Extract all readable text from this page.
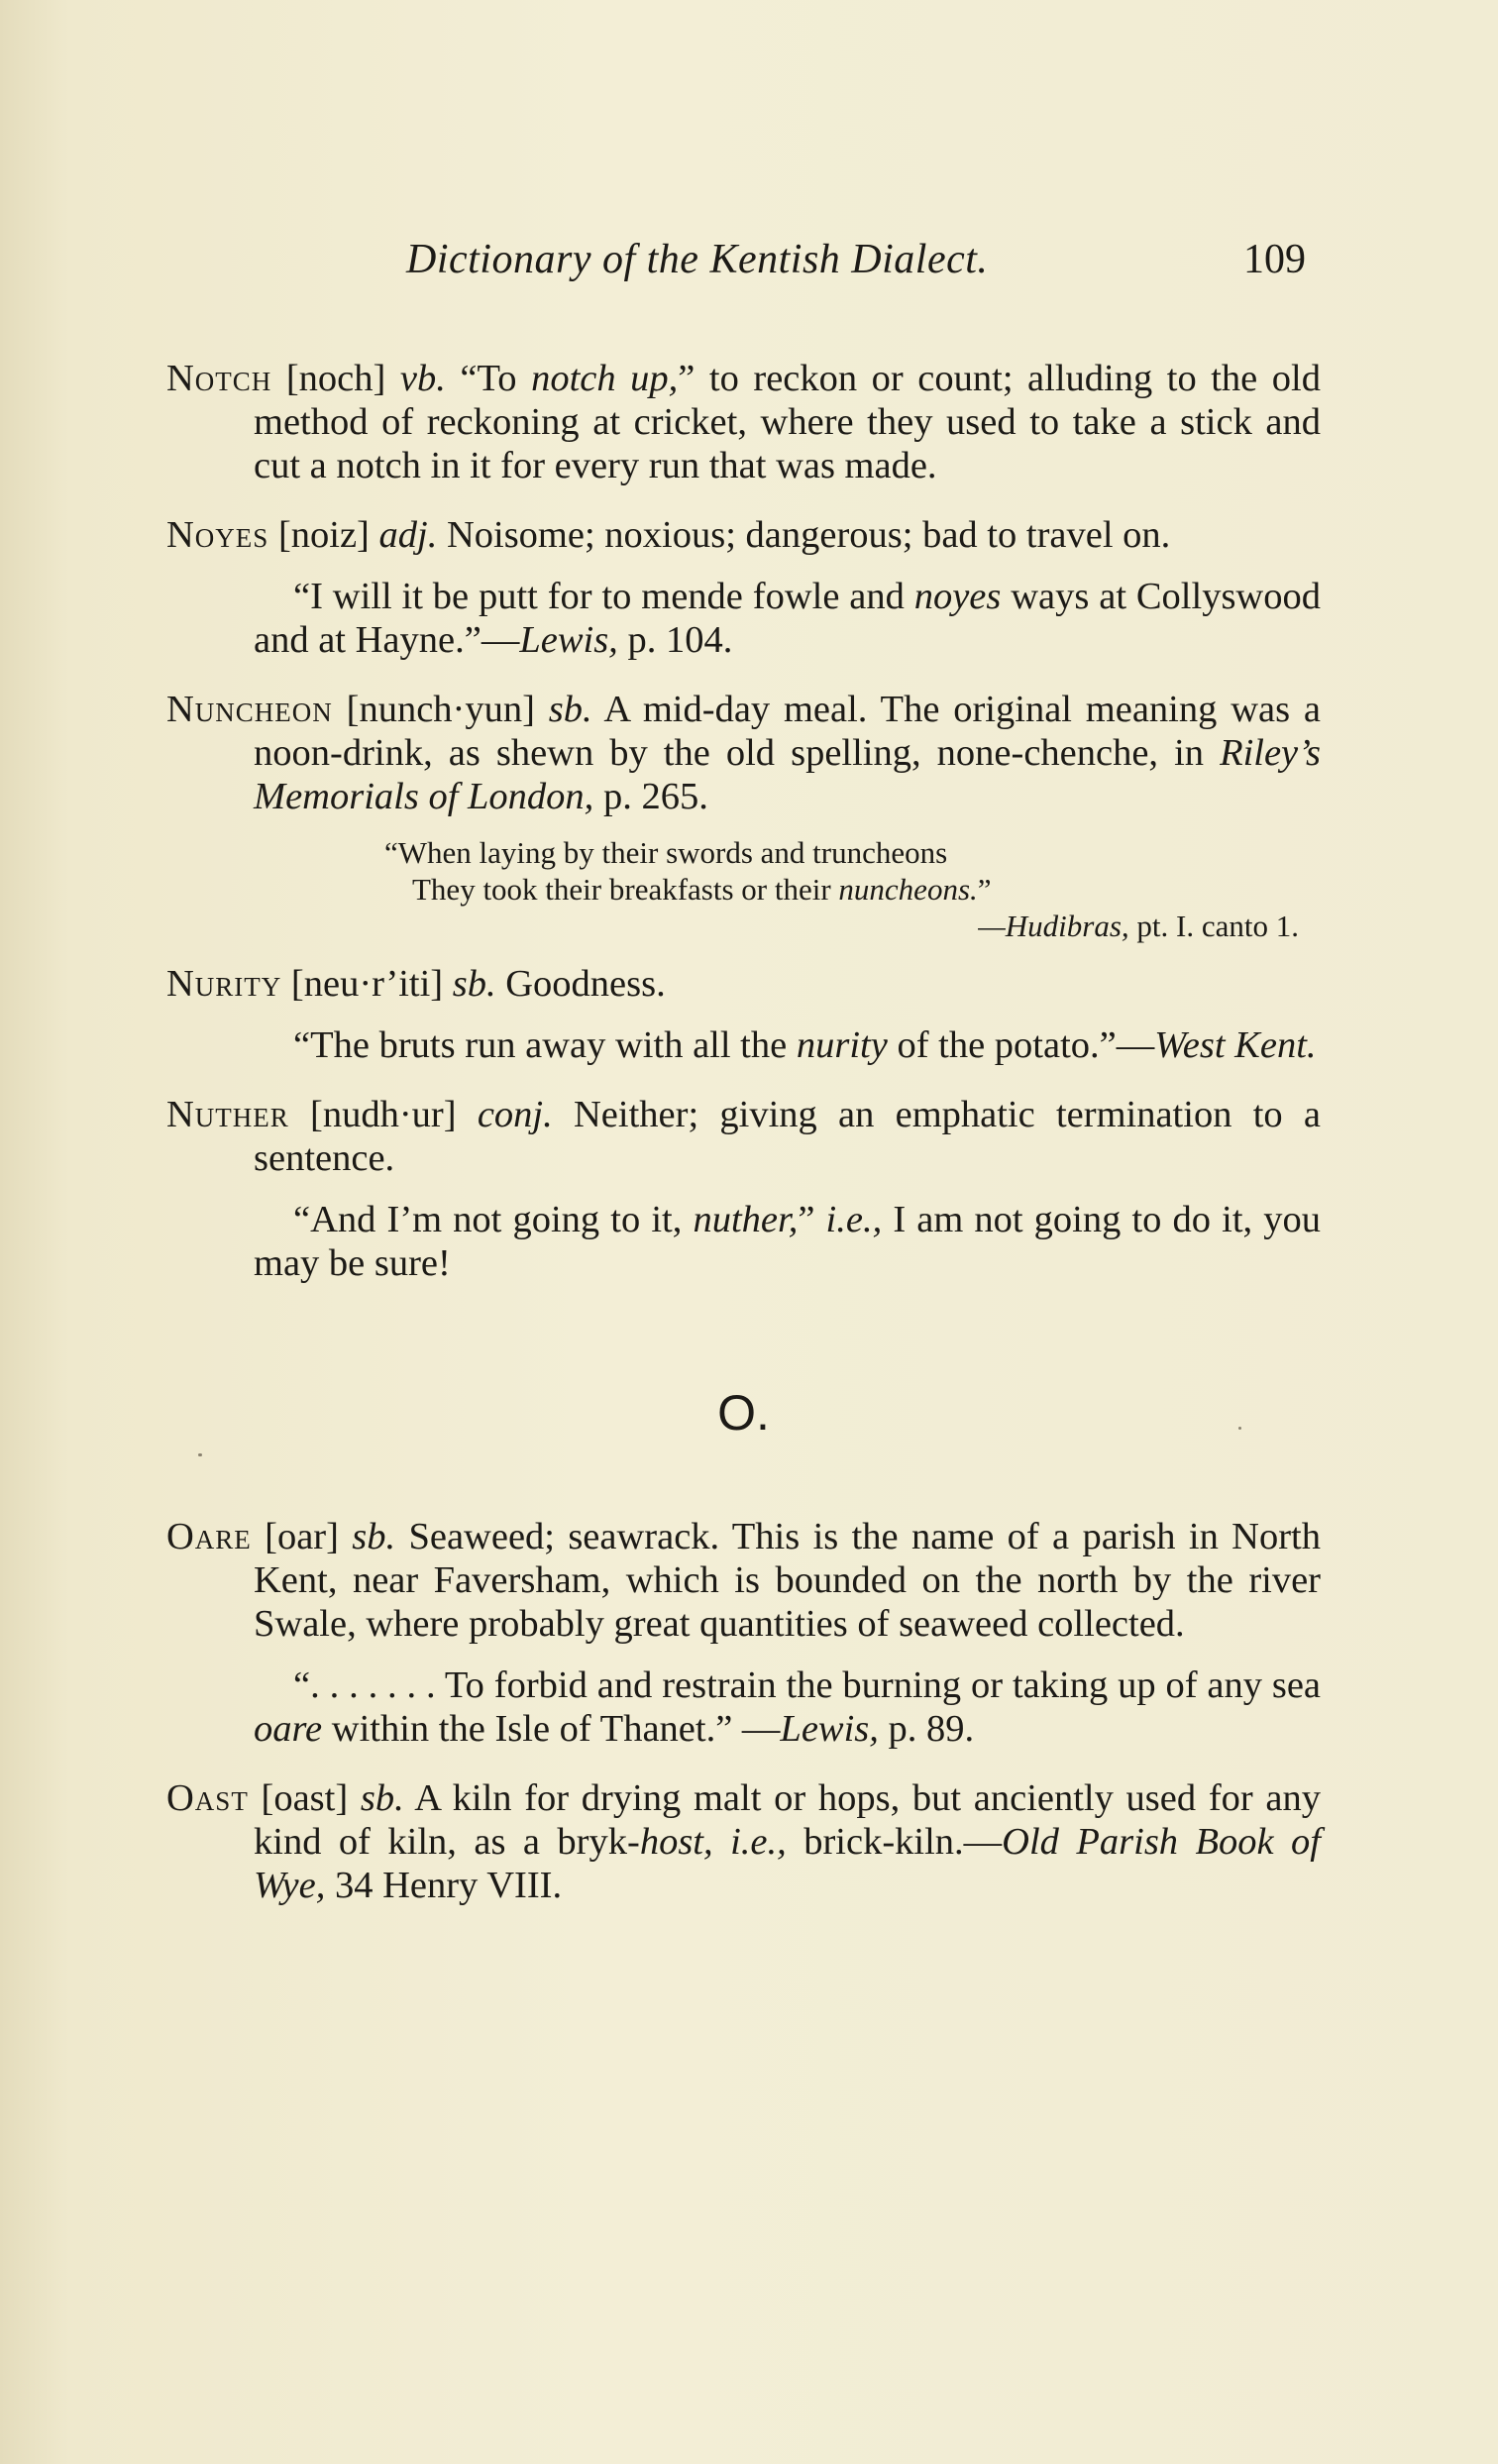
Dictionary of the Kentish Dialect.	109

Notch [noch] vb. “To notch up,” to reckon or count; alluding to the old method of reckoning at cricket, where they used to take a stick and cut a notch in it for every run that was made.

Noyes [noiz] adj. Noisome; noxious; dangerous; bad to travel on.

“I will it be putt for to mende fowle and noyes ways at Collyswood and at Hayne.”—Lewis, p. 104.

Nuncheon [nunch·yun] sb. A mid-day meal. The original meaning was a noon-drink, as shewn by the old spelling, none-chenche, in Riley’s Memorials of London, p. 265.

“When laying by their swords and truncheons
They took their breakfasts or their nuncheons.”
—Hudibras, pt. I. canto 1.

Nurity [neu·r’iti] sb. Goodness.

“The bruts run away with all the nurity of the potato.”—West Kent.

Nuther [nudh·ur] conj. Neither; giving an emphatic termination to a sentence.

“And I’m not going to it, nuther,” i.e., I am not going to do it, you may be sure!

O.

Oare [oar] sb. Seaweed; seawrack. This is the name of a parish in North Kent, near Faversham, which is bounded on the north by the river Swale, where probably great quantities of seaweed collected.

“. . . . . . . To forbid and restrain the burning or taking up of any sea oare within the Isle of Thanet.” —Lewis, p. 89.

Oast [oast] sb. A kiln for drying malt or hops, but anciently used for any kind of kiln, as a bryk-host, i.e., brick-kiln.—Old Parish Book of Wye, 34 Henry VIII.
